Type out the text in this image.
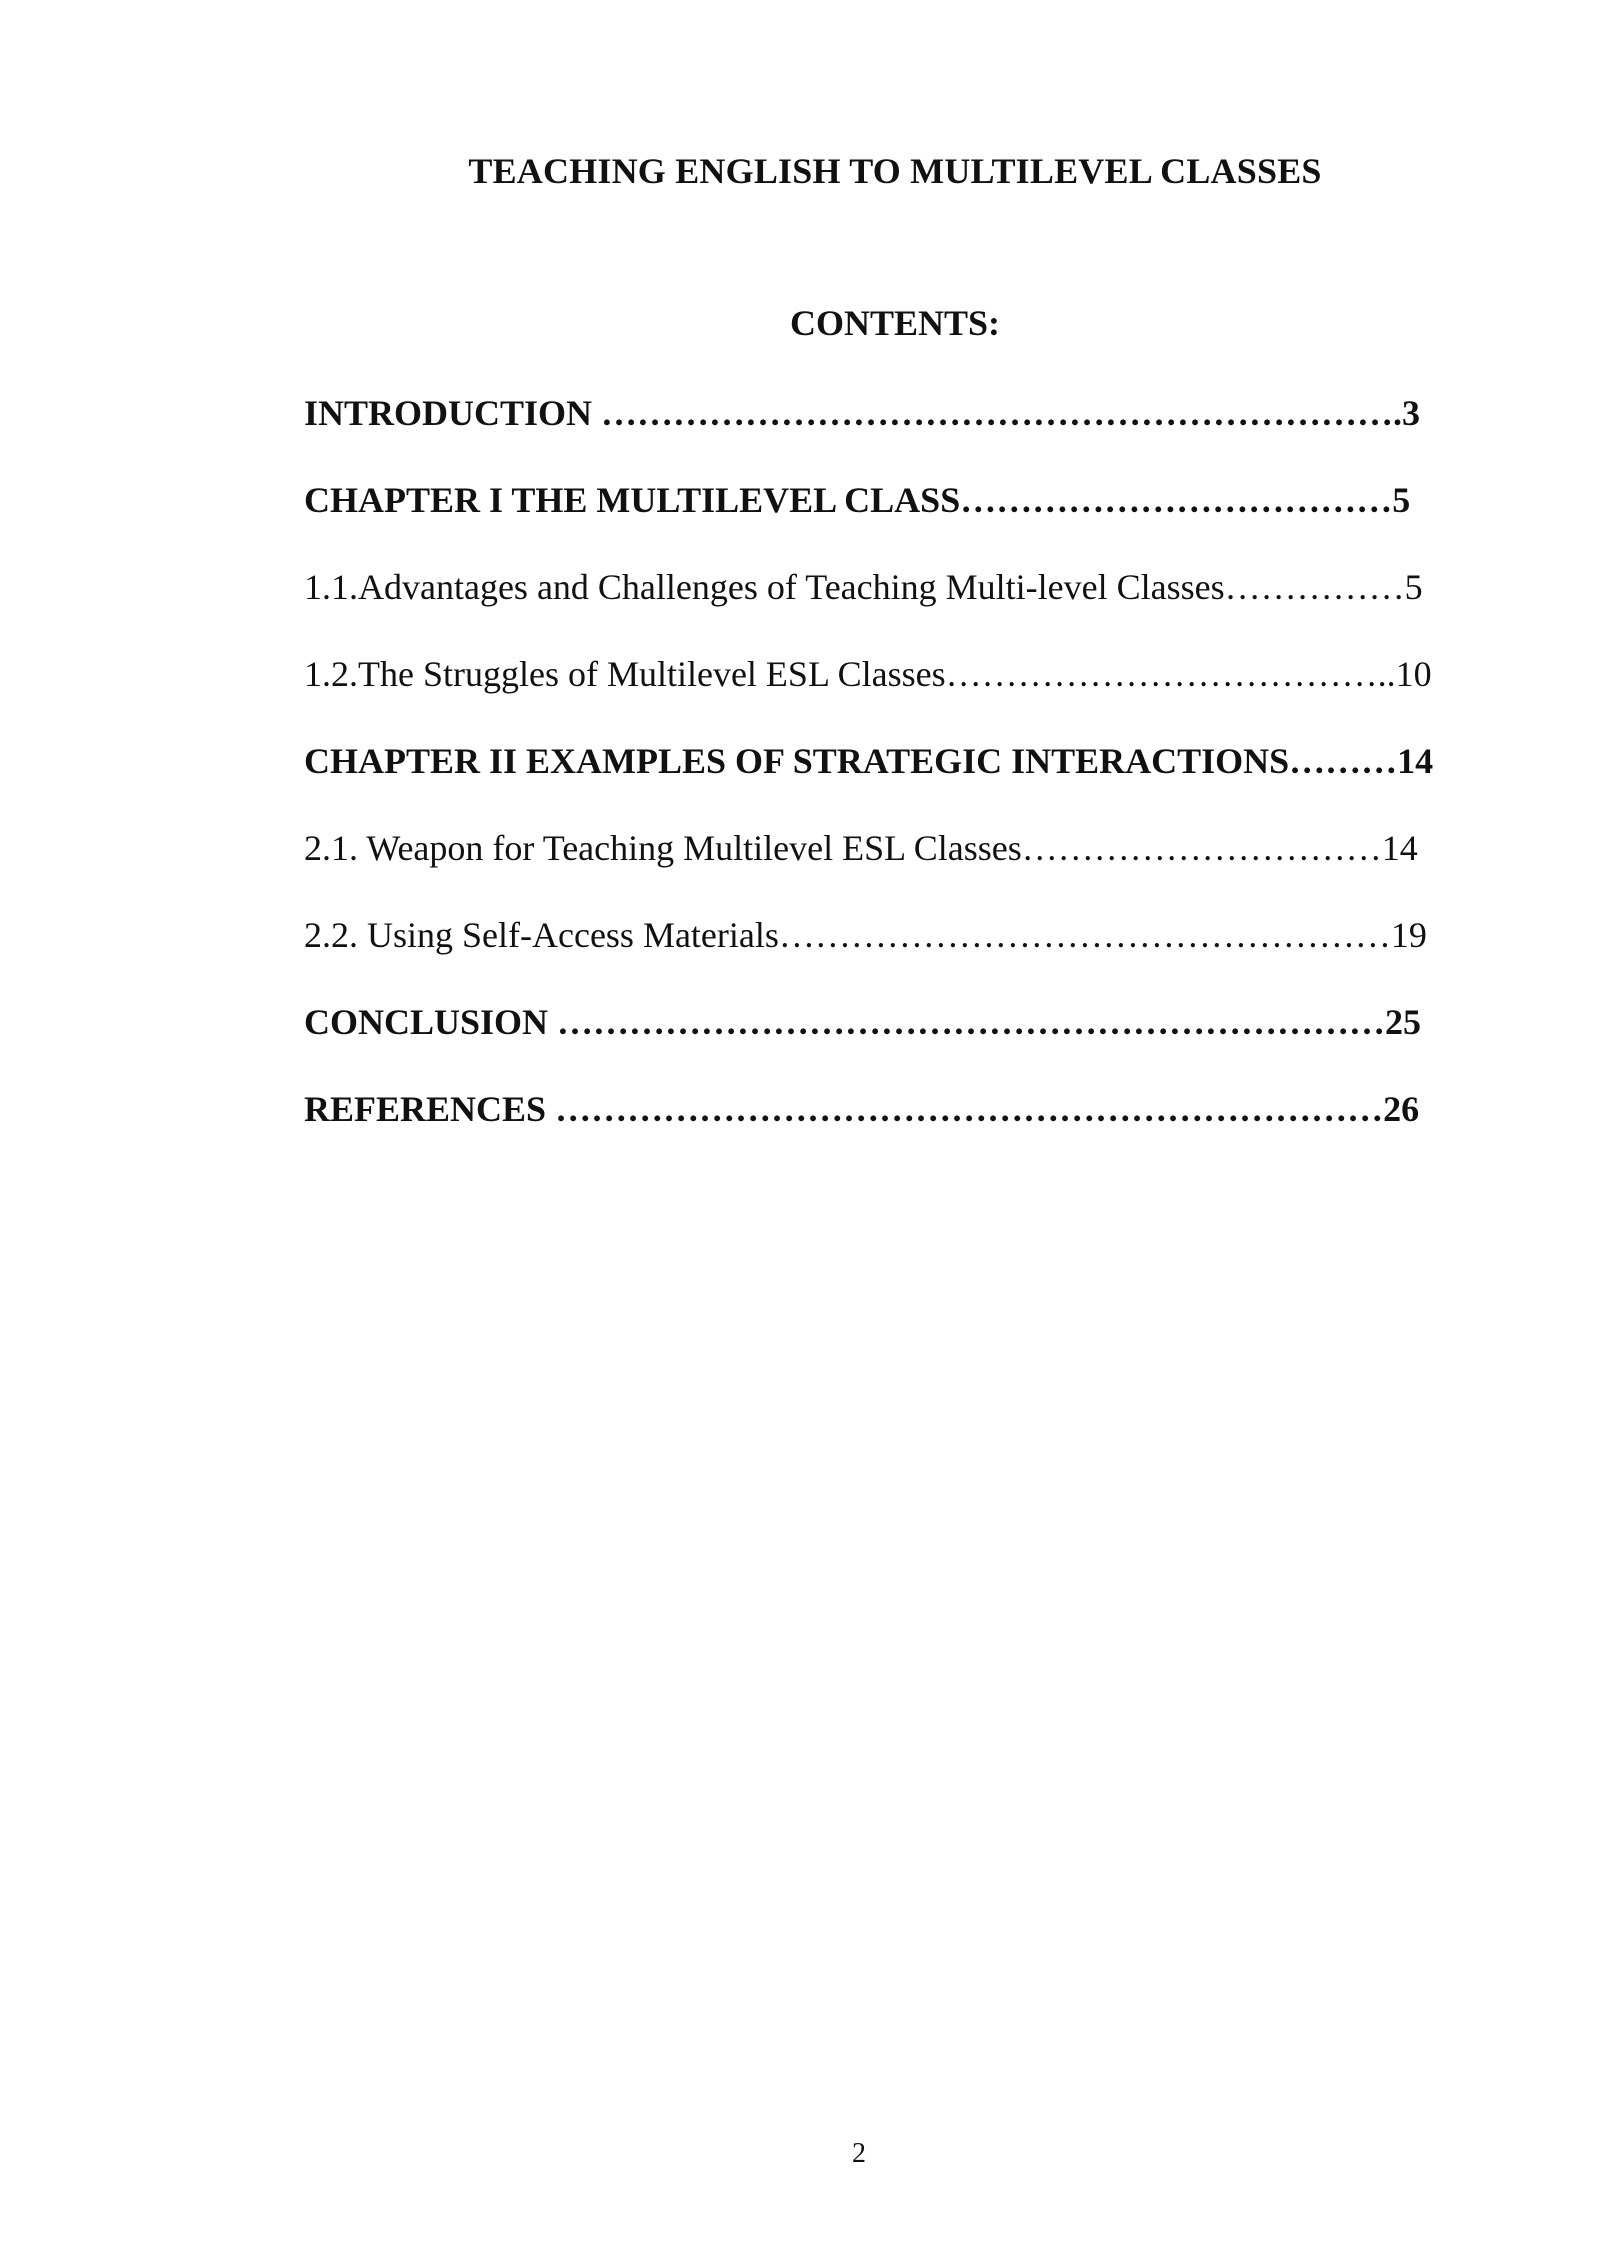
TEACHING ENGLISH TO MULTILEVEL CLASSES
CONTENTS:
INTRODUCTION ………………………………………………………….3
CHAPTER I THE MULTILEVEL CLASS………………………………5
1.1.Advantages and Challenges of Teaching Multi-level Classes……………5
1.2.The Struggles of Multilevel ESL Classes………………………………..10
CHAPTER II EXAMPLES OF STRATEGIC INTERACTIONS………14
2.1. Weapon for Teaching Multilevel ESL Classes…………………………14
2.2. Using Self-Access Materials……………………………………………19
CONCLUSION ……………………………………………………………25
REFERENCES ……………………………………………………………26
2
